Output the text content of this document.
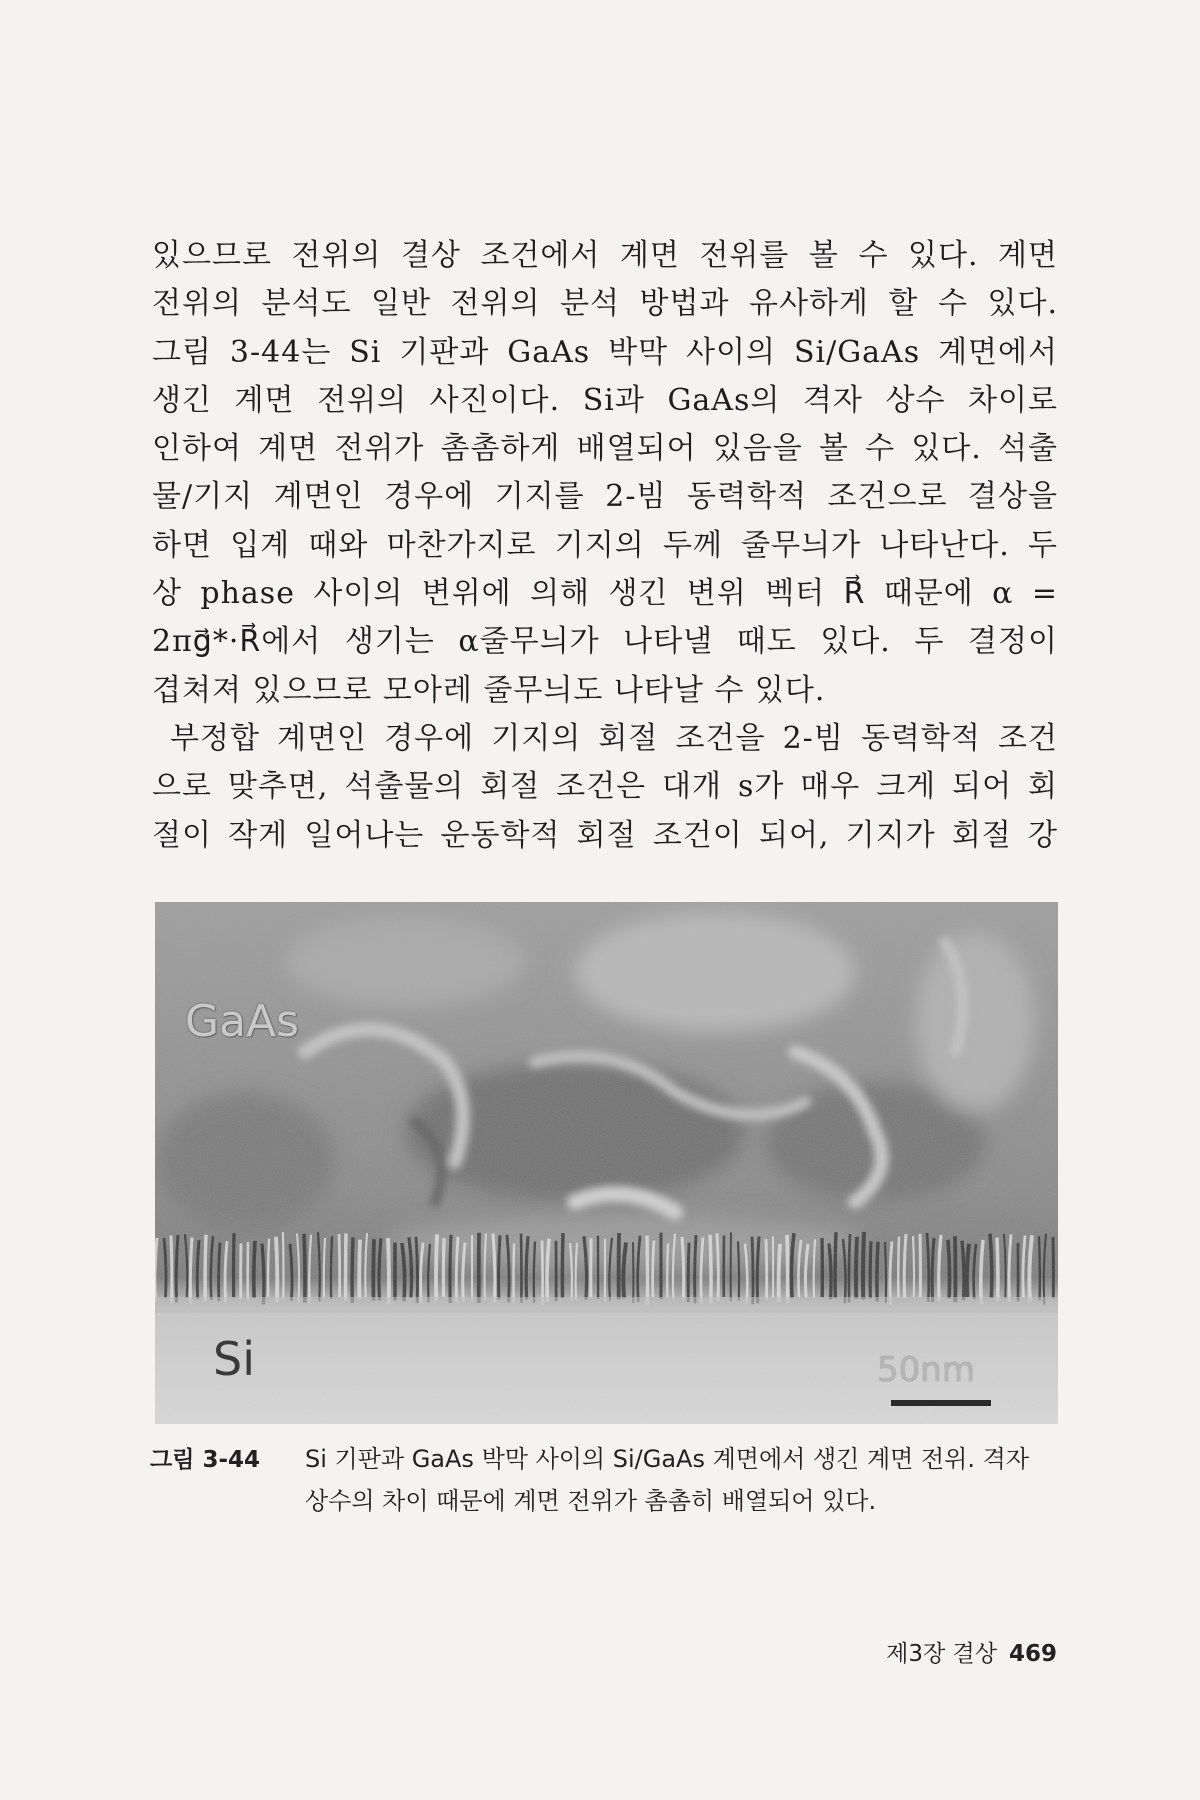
있으므로 전위의 결상 조건에서 계면 전위를 볼 수 있다. 계면
전위의 분석도 일반 전위의 분석 방법과 유사하게 할 수 있다.
그림 3-44는 Si 기판과 GaAs 박막 사이의 Si/GaAs 계면에서
생긴 계면 전위의 사진이다. Si과 GaAs의 격자 상수 차이로
인하여 계면 전위가 촘촘하게 배열되어 있음을 볼 수 있다. 석출
물/기지 계면인 경우에 기지를 2-빔 동력학적 조건으로 결상을
하면 입계 때와 마찬가지로 기지의 두께 줄무늬가 나타난다. 두
상 phase 사이의 변위에 의해 생긴 변위 벡터 R⃗ 때문에 α =
2πg⃗*·R⃗에서 생기는 α줄무늬가 나타낼 때도 있다. 두 결정이
겹쳐져 있으므로 모아레 줄무늬도 나타날 수 있다.
부정합 계면인 경우에 기지의 회절 조건을 2-빔 동력학적 조건
으로 맞추면, 석출물의 회절 조건은 대개 s가 매우 크게 되어 회
절이 작게 일어나는 운동학적 회절 조건이 되어, 기지가 회절 강
GaAs
Si	50nm
그림 3-44 Si 기판과 GaAs 박막 사이의 Si/GaAs 계면에서 생긴 계면 전위. 격자 상수의 차이 때문에 계면 전위가 촘촘히 배열되어 있다.
제3장 결상 469
